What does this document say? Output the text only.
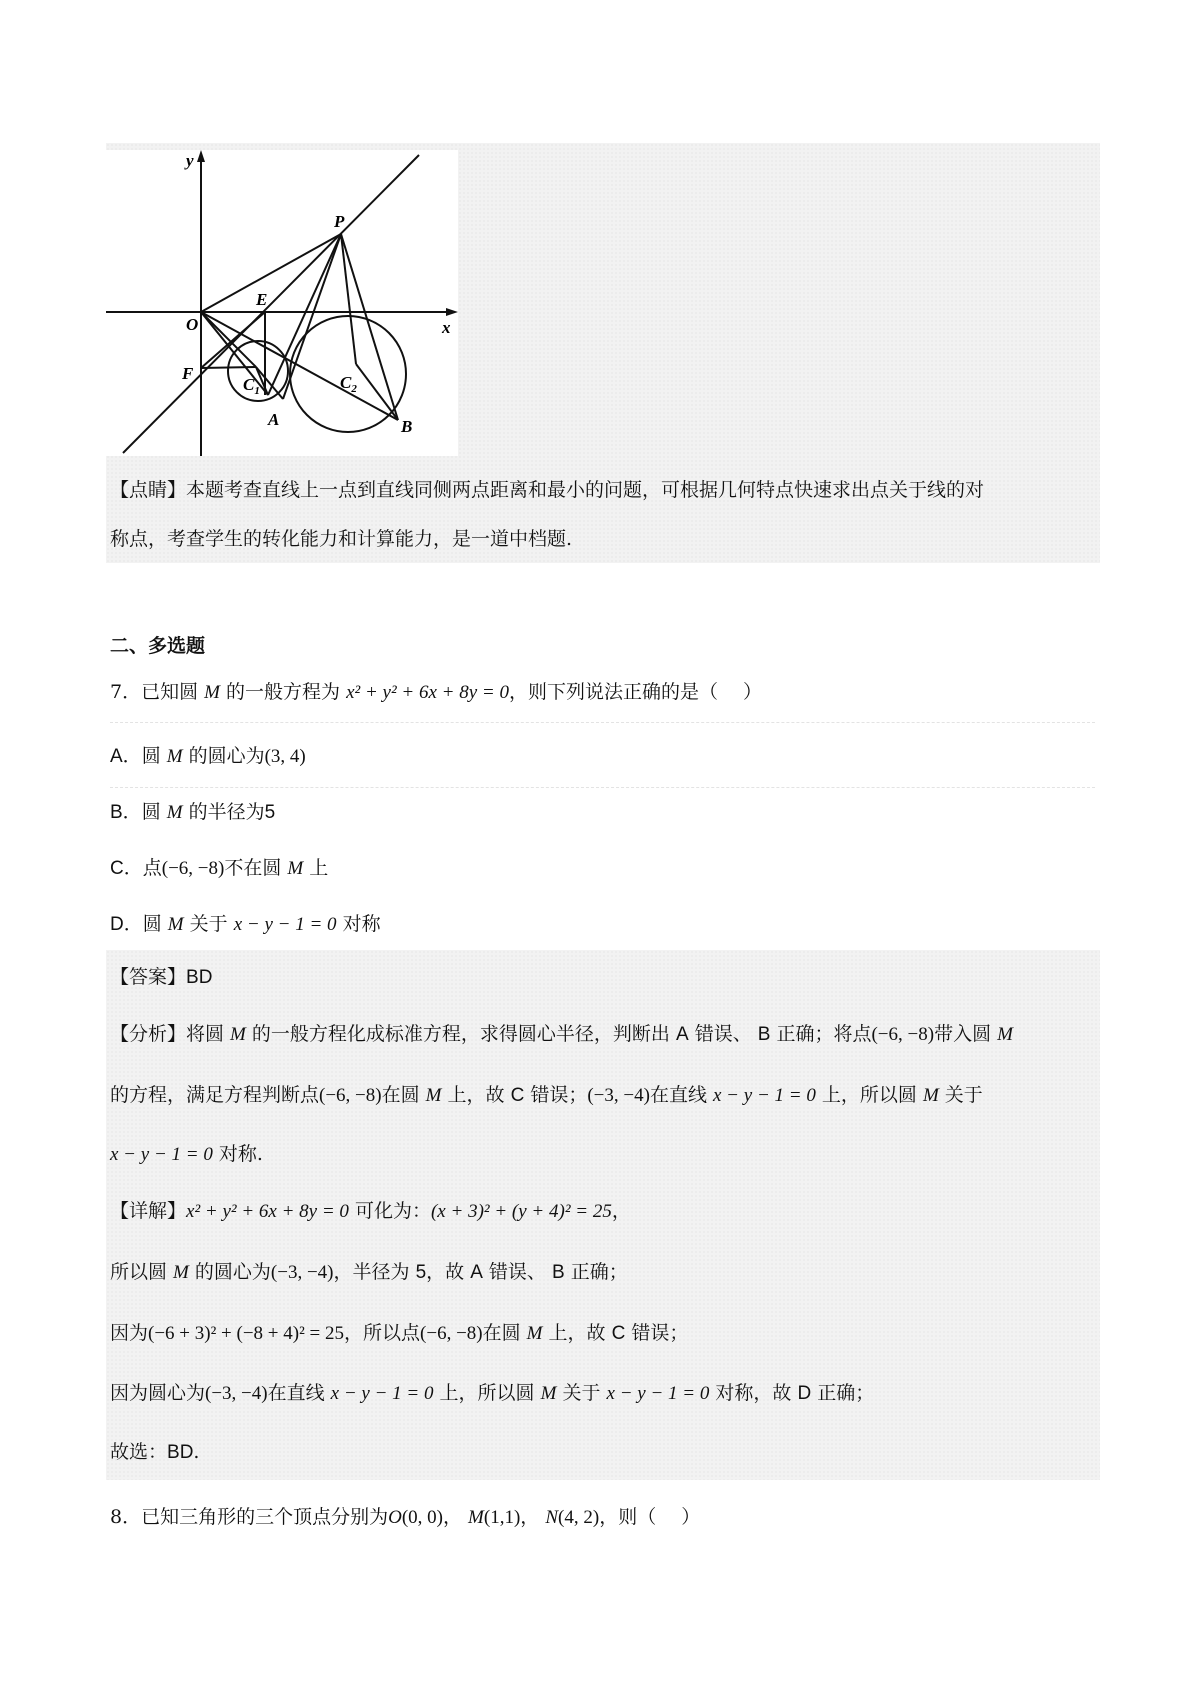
y
x
O
P
E
F
$C_1$	$C_2$
A	B
【点睛】本题考查直线上一点到直线同侧两点距离和最小的问题，可根据几何特点快速求出点关于线的对
称点，考查学生的转化能力和计算能力，是一道中档题.
二、多选题
7．已知圆 M 的一般方程为 x² + y² + 6x + 8y = 0，则下列说法正确的是（　 ）
A．圆 M 的圆心为(3, 4)
B．圆 M 的半径为5
C．点(−6, −8)不在圆 M 上
D．圆 M 关于 x − y − 1 = 0 对称
【答案】BD
【分析】将圆 M 的一般方程化成标准方程，求得圆心半径，判断出 A 错误、 B 正确；将点(−6, −8)带入圆 M
的方程，满足方程判断点(−6, −8)在圆 M 上，故 C 错误；(−3, −4)在直线 x − y − 1 = 0 上，所以圆 M 关于
x − y − 1 = 0 对称.
【详解】x² + y² + 6x + 8y = 0 可化为：(x + 3)² + (y + 4)² = 25，
所以圆 M 的圆心为(−3, −4)，半径为 5，故 A 错误、 B 正确；
因为(−6 + 3)² + (−8 + 4)² = 25，所以点(−6, −8)在圆 M 上，故 C 错误；
因为圆心为(−3, −4)在直线 x − y − 1 = 0 上，所以圆 M 关于 x − y − 1 = 0 对称，故 D 正确；
故选：BD.
8．已知三角形的三个顶点分别为O(0, 0)， M(1,1)， N(4, 2)，则（　 ）
